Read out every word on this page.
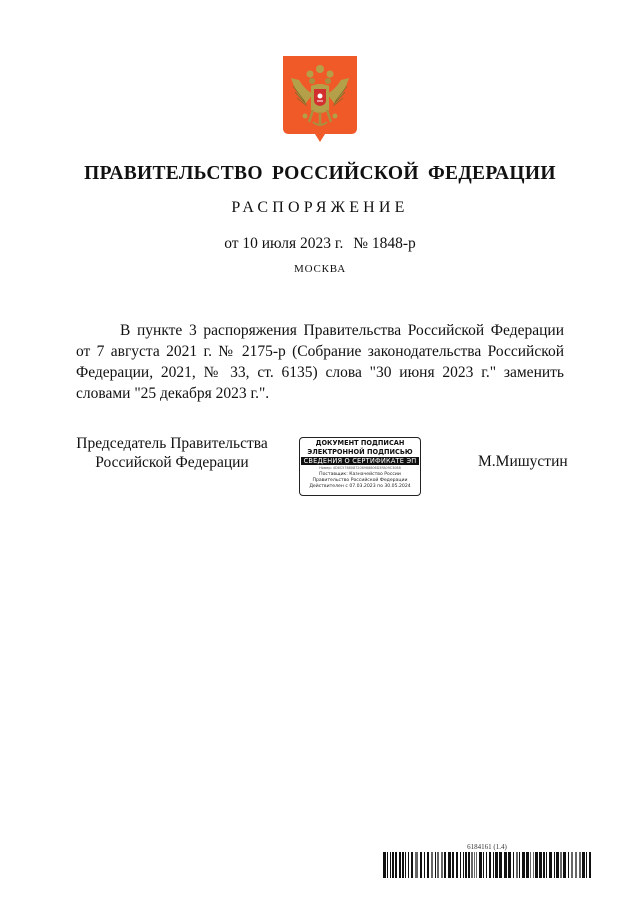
ПРАВИТЕЛЬСТВО РОССИЙСКОЙ ФЕДЕРАЦИИ
РАСПОРЯЖЕНИЕ
от 10 июля 2023 г. № 1848-р
МОСКВА
В пункте 3 распоряжения Правительства Российской Федерации от 7 августа 2021 г. № 2175-р (Собрание законодательства Российской Федерации, 2021, № 33, ст. 6135) слова "30 июня 2023 г." заменить словами "25 декабря 2023 г.".
Председатель Правительства
Российской Федерации
ДОКУМЕНТ ПОДПИСАН
ЭЛЕКТРОННОЙ ПОДПИСЬЮ
СВЕДЕНИЯ О СЕРТИФИКАТЕ ЭП
Номер: 4D6C5788087208988806D3FA09C3088
Поставщик: Казначейство России
Правительство Российской Федерации
Действителен с 07.03.2023 по 30.05.2024
М.Мишустин
6184161 (1.4)
